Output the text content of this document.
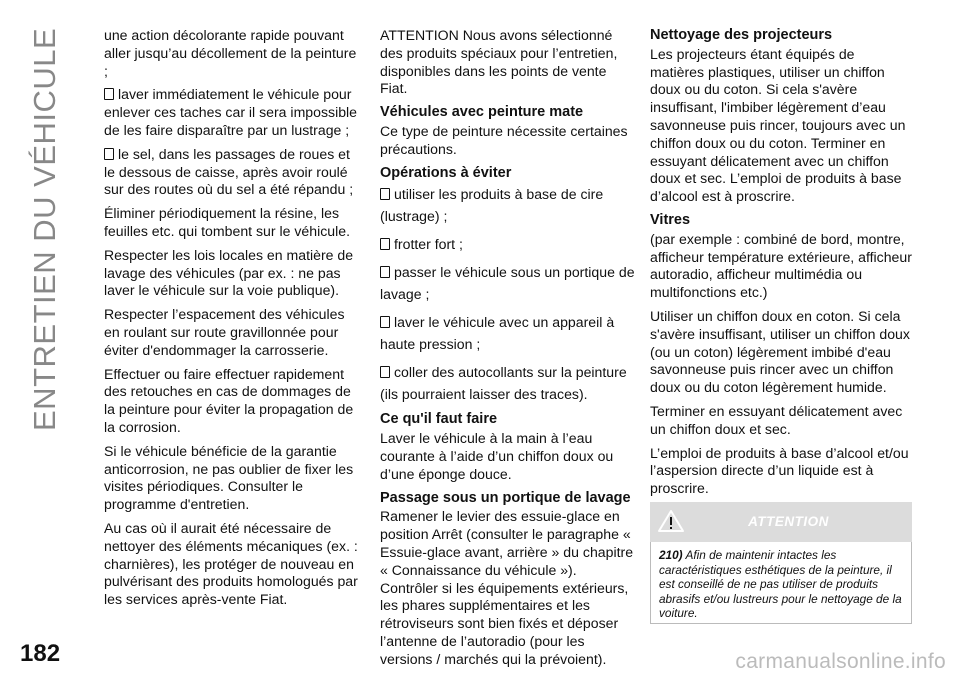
ENTRETIEN DU VÉHICULE	une action décolorante rapide pouvant aller jusqu’au décollement de la peinture ;

laver immédiatement le véhicule pour enlever ces taches car il sera impossible de les faire disparaître par un lustrage ;

le sel, dans les passages de roues et le dessous de caisse, après avoir roulé sur des routes où du sel a été répandu ;

Éliminer périodiquement la résine, les feuilles etc. qui tombent sur le véhicule.

Respecter les lois locales en matière de lavage des véhicules (par ex. : ne pas laver le véhicule sur la voie publique).

Respecter l’espacement des véhicules en roulant sur route gravillonnée pour éviter d'endommager la carrosserie.

Effectuer ou faire effectuer rapidement des retouches en cas de dommages de la peinture pour éviter la propagation de la corrosion.

Si le véhicule bénéficie de la garantie anticorrosion, ne pas oublier de fixer les visites périodiques. Consulter le programme d'entretien.

Au cas où il aurait été nécessaire de nettoyer des éléments mécaniques (ex. : charnières), les protéger de nouveau en pulvérisant des produits homologués par les services après-vente Fiat.

ATTENTION Nous avons sélectionné des produits spéciaux pour l’entretien, disponibles dans les points de vente Fiat.

Véhicules avec peinture mate

Ce type de peinture nécessite certaines précautions.

Opérations à éviter

utiliser les produits à base de cire (lustrage) ;

frotter fort ;

passer le véhicule sous un portique de lavage ;

laver le véhicule avec un appareil à haute pression ;

coller des autocollants sur la peinture (ils pourraient laisser des traces).

Ce qu'il faut faire

Laver le véhicule à la main à l’eau courante à l’aide d’un chiffon doux ou d’une éponge douce.

Passage sous un portique de lavage

Ramener le levier des essuie-glace en position Arrêt (consulter le paragraphe « Essuie-glace avant, arrière » du chapitre « Connaissance du véhicule »). Contrôler si les équipements extérieurs, les phares supplémentaires et les rétroviseurs sont bien fixés et déposer l’antenne de l’autoradio (pour les versions / marchés qui la prévoient).

Nettoyage des projecteurs

Les projecteurs étant équipés de matières plastiques, utiliser un chiffon doux ou du coton. Si cela s'avère insuffisant, l'imbiber légèrement d’eau savonneuse puis rincer, toujours avec un chiffon doux ou du coton. Terminer en essuyant délicatement avec un chiffon doux et sec. L’emploi de produits à base d’alcool est à proscrire.

Vitres

(par exemple : combiné de bord, montre, afficheur température extérieure, afficheur autoradio, afficheur multimédia ou multifonctions etc.)

Utiliser un chiffon doux en coton. Si cela s'avère insuffisant, utiliser un chiffon doux (ou un coton) légèrement imbibé d'eau savonneuse puis rincer avec un chiffon doux ou du coton légèrement humide.

Terminer en essuyant délicatement avec un chiffon doux et sec.

L’emploi de produits à base d’alcool et/ou l’aspersion directe d’un liquide est à proscrire.

ATTENTION
210) Afin de maintenir intactes les caractéristiques esthétiques de la peinture, il est conseillé de ne pas utiliser de produits abrasifs et/ou lustreurs pour le nettoyage de la voiture.
182	carmanualsonline.info
